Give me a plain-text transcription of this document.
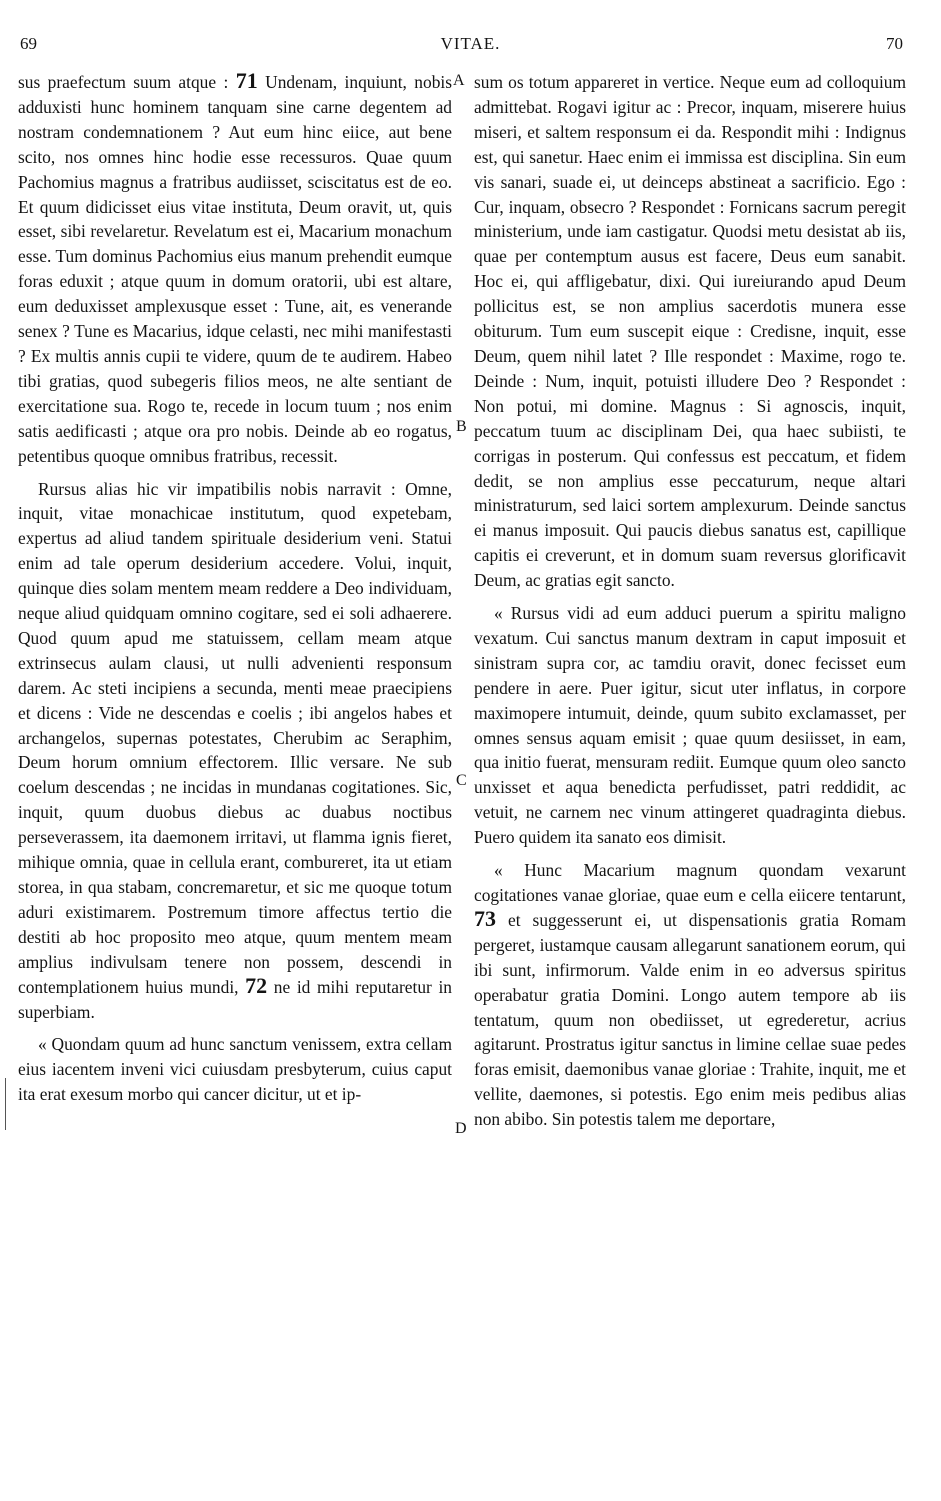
69	VITAE.	70
A
B
C
D

sus praefectum suum atque : 71 Undenam, inquiunt, nobis adduxisti hunc hominem tanquam sine carne degentem ad nostram condemnationem ? Aut eum hinc eiice, aut bene scito, nos omnes hinc hodie esse recessuros. Quae quum Pachomius magnus a fratribus audiisset, sciscitatus est de eo. Et quum didicisset eius vitae instituta, Deum oravit, ut, quis esset, sibi revelaretur. Revelatum est ei, Macarium monachum esse. Tum dominus Pachomius eius manum prehendit eumque foras eduxit ; atque quum in domum oratorii, ubi est altare, eum deduxisset amplexusque esset : Tune, ait, es venerande senex ? Tune es Macarius, idque celasti, nec mihi manifestasti ? Ex multis annis cupii te videre, quum de te audirem. Habeo tibi gratias, quod subegeris filios meos, ne alte sentiant de exercitatione sua. Rogo te, recede in locum tuum ; nos enim satis aedificasti ; atque ora pro nobis. Deinde ab eo rogatus, petentibus quoque omnibus fratribus, recessit.

Rursus alias hic vir impatibilis nobis narravit : Omne, inquit, vitae monachicae institutum, quod expetebam, expertus ad aliud tandem spirituale desiderium veni. Statui enim ad tale operum desiderium accedere. Volui, inquit, quinque dies solam mentem meam reddere a Deo individuam, neque aliud quidquam omnino cogitare, sed ei soli adhaerere. Quod quum apud me statuissem, cellam meam atque extrinsecus aulam clausi, ut nulli advenienti responsum darem. Ac steti incipiens a secunda, menti meae praecipiens et dicens : Vide ne descendas e coelis ; ibi angelos habes et archangelos, supernas potestates, Cherubim ac Seraphim, Deum horum omnium effectorem. Illic versare. Ne sub coelum descendas ; ne incidas in mundanas cogitationes. Sic, inquit, quum duobus diebus ac duabus noctibus perseverassem, ita daemonem irritavi, ut flamma ignis fieret, mihique omnia, quae in cellula erant, combureret, ita ut etiam storea, in qua stabam, concremaretur, et sic me quoque totum aduri existimarem. Postremum timore affectus tertio die destiti ab hoc proposito meo atque, quum mentem meam amplius indivulsam tenere non possem, descendi in contemplationem huius mundi, 72 ne id mihi reputaretur in superbiam.

« Quondam quum ad hunc sanctum venissem, extra cellam eius iacentem inveni vici cuiusdam presbyterum, cuius caput ita erat exesum morbo qui cancer dicitur, ut et ip-

sum os totum appareret in vertice. Neque eum ad colloquium admittebat. Rogavi igitur ac : Precor, inquam, miserere huius miseri, et saltem responsum ei da. Respondit mihi : Indignus est, qui sanetur. Haec enim ei immissa est disciplina. Sin eum vis sanari, suade ei, ut deinceps abstineat a sacrificio. Ego : Cur, inquam, obsecro ? Respondet : Fornicans sacrum peregit ministerium, unde iam castigatur. Quodsi metu desistat ab iis, quae per contemptum ausus est facere, Deus eum sanabit. Hoc ei, qui affligebatur, dixi. Qui iureiurando apud Deum pollicitus est, se non amplius sacerdotis munera esse obiturum. Tum eum suscepit eique : Credisne, inquit, esse Deum, quem nihil latet ? Ille respondet : Maxime, rogo te. Deinde : Num, inquit, potuisti illudere Deo ? Respondet : Non potui, mi domine. Magnus : Si agnoscis, inquit, peccatum tuum ac disciplinam Dei, qua haec subiisti, te corrigas in posterum. Qui confessus est peccatum, et fidem dedit, se non amplius esse peccaturum, neque altari ministraturum, sed laici sortem amplexurum. Deinde sanctus ei manus imposuit. Qui paucis diebus sanatus est, capillique capitis ei creverunt, et in domum suam reversus glorificavit Deum, ac gratias egit sancto.

« Rursus vidi ad eum adduci puerum a spiritu maligno vexatum. Cui sanctus manum dextram in caput imposuit et sinistram supra cor, ac tamdiu oravit, donec fecisset eum pendere in aere. Puer igitur, sicut uter inflatus, in corpore maximopere intumuit, deinde, quum subito exclamasset, per omnes sensus aquam emisit ; quae quum desiisset, in eam, qua initio fuerat, mensuram rediit. Eumque quum oleo sancto unxisset et aqua benedicta perfudisset, patri reddidit, ac vetuit, ne carnem nec vinum attingeret quadraginta diebus. Puero quidem ita sanato eos dimisit.

« Hunc Macarium magnum quondam vexarunt cogitationes vanae gloriae, quae eum e cella eiicere tentarunt, 73 et suggesserunt ei, ut dispensationis gratia Romam pergeret, iustamque causam allegarunt sanationem eorum, qui ibi sunt, infirmorum. Valde enim in eo adversus spiritus operabatur gratia Domini. Longo autem tempore ab iis tentatum, quum non obediisset, ut egrederetur, acrius agitarunt. Prostratus igitur sanctus in limine cellae suae pedes foras emisit, daemonibus vanae gloriae : Trahite, inquit, me et vellite, daemones, si potestis. Ego enim meis pedibus alias non abibo. Sin potestis talem me deportare,
